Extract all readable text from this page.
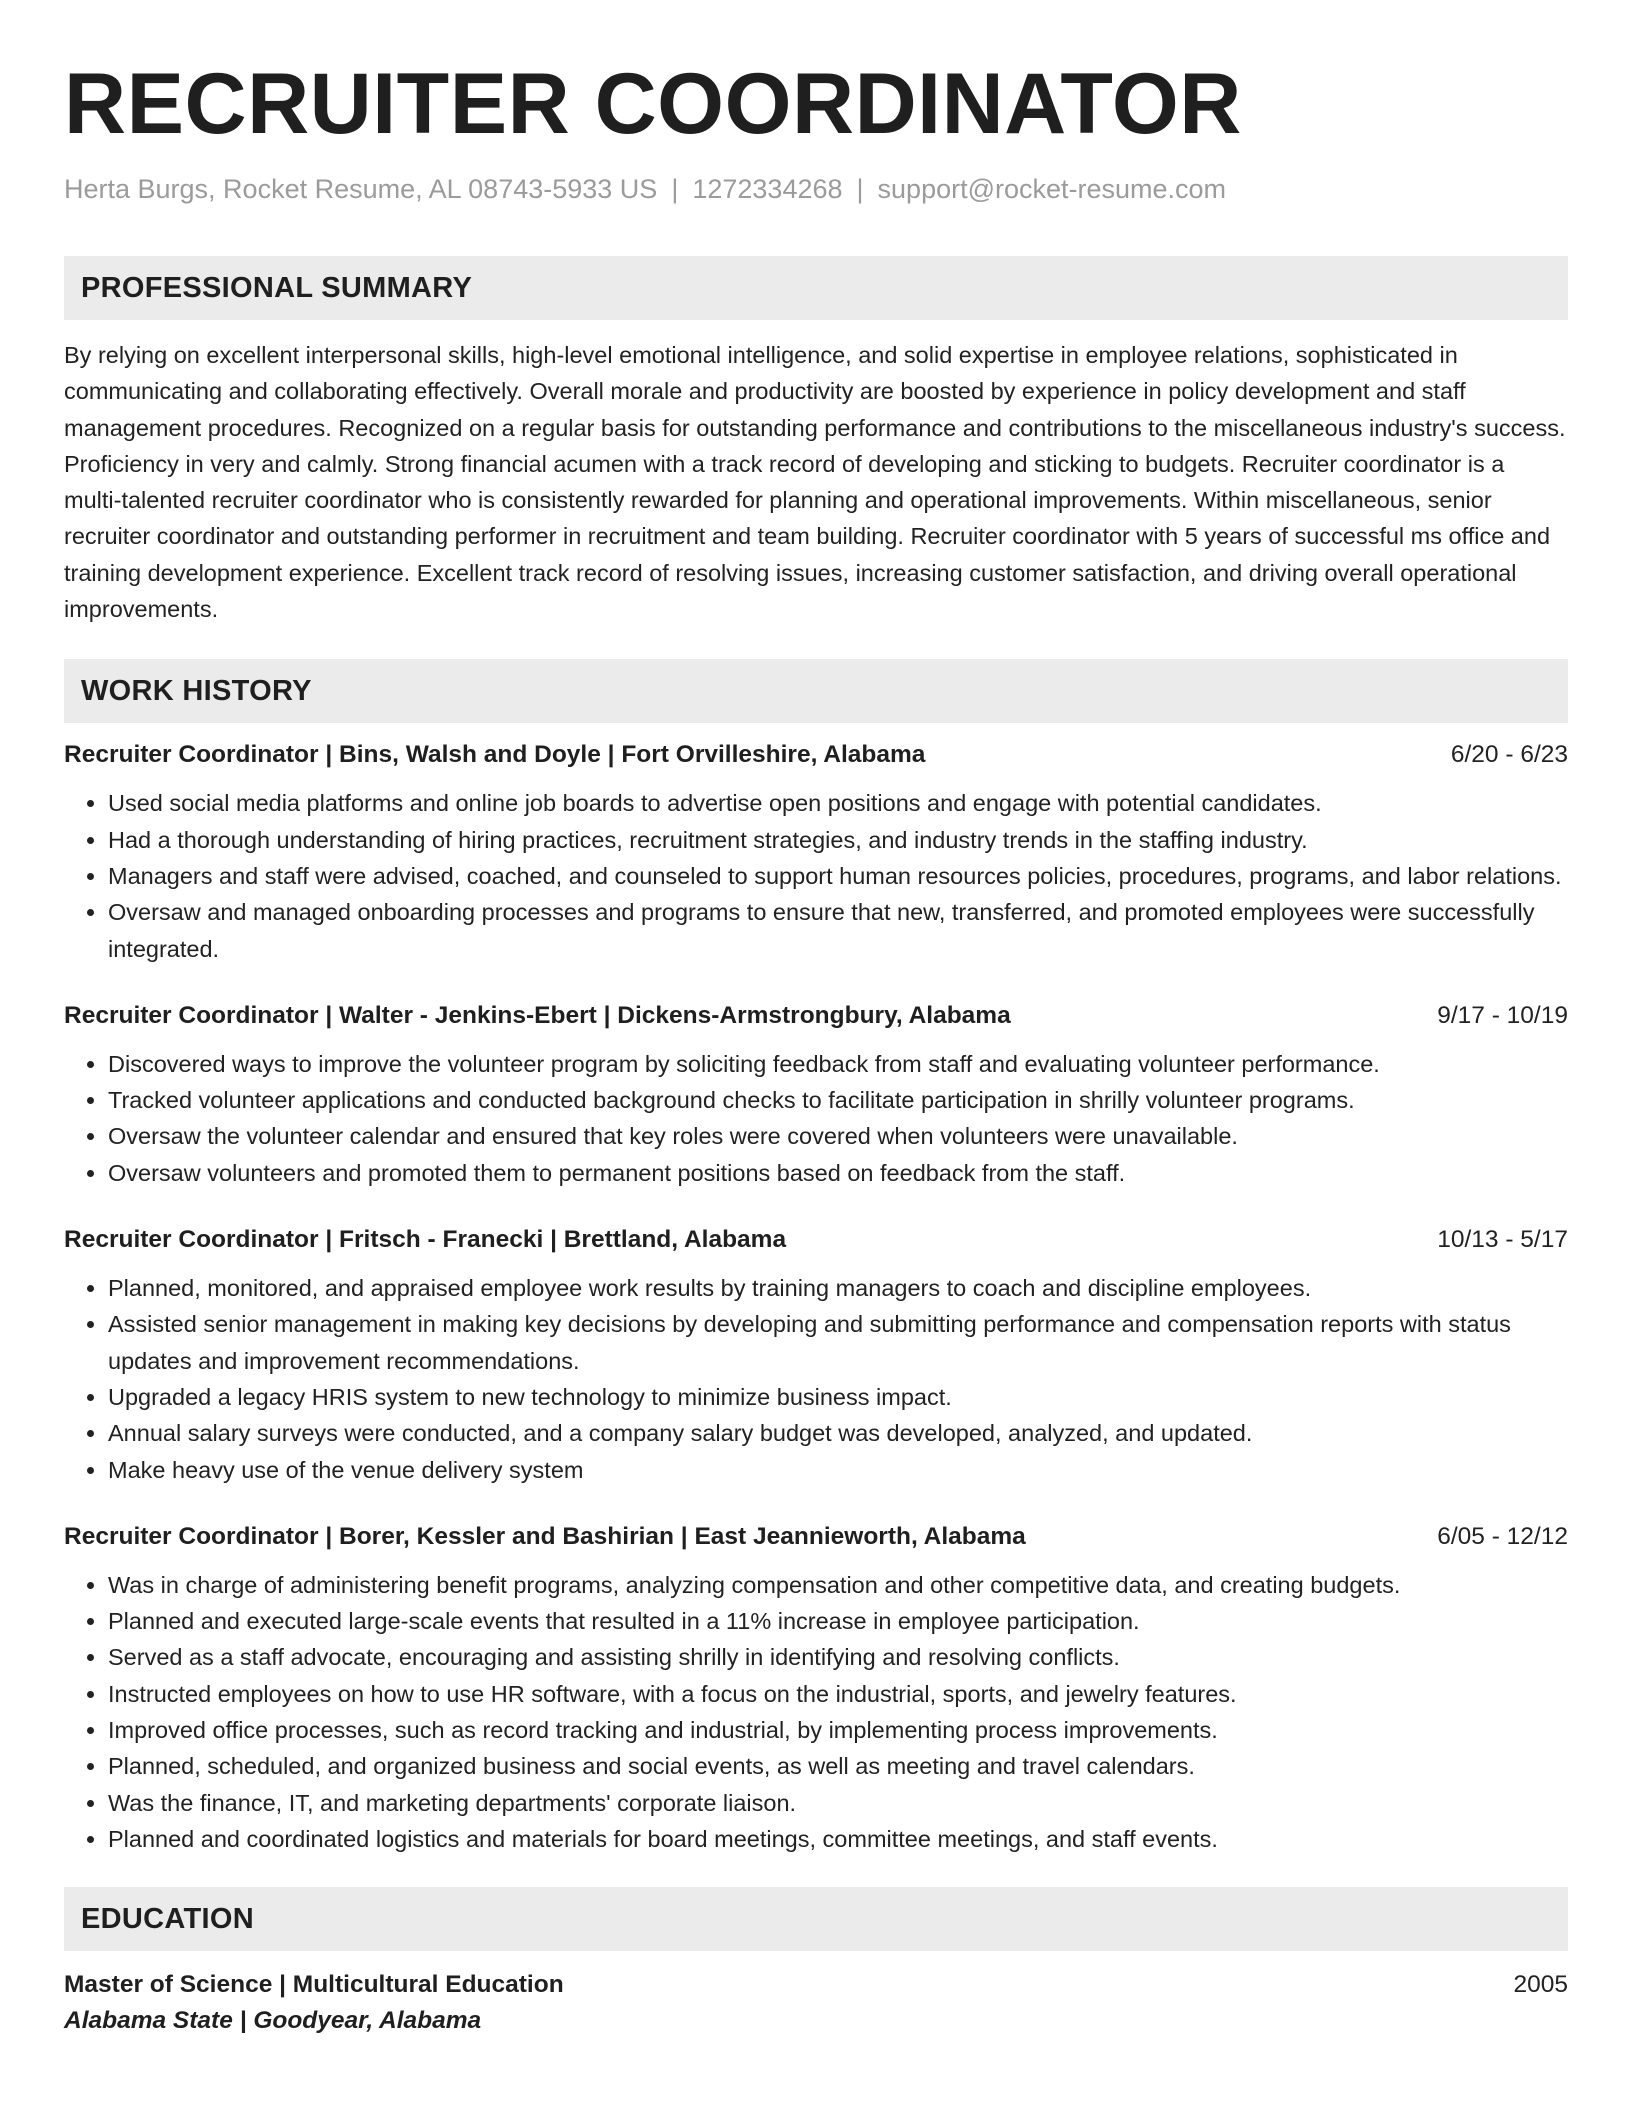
RECRUITER COORDINATOR
Herta Burgs, Rocket Resume, AL 08743-5933 US | 1272334268 | support@rocket-resume.com
PROFESSIONAL SUMMARY
By relying on excellent interpersonal skills, high-level emotional intelligence, and solid expertise in employee relations, sophisticated in communicating and collaborating effectively. Overall morale and productivity are boosted by experience in policy development and staff management procedures. Recognized on a regular basis for outstanding performance and contributions to the miscellaneous industry's success. Proficiency in very and calmly. Strong financial acumen with a track record of developing and sticking to budgets. Recruiter coordinator is a multi-talented recruiter coordinator who is consistently rewarded for planning and operational improvements. Within miscellaneous, senior recruiter coordinator and outstanding performer in recruitment and team building. Recruiter coordinator with 5 years of successful ms office and training development experience. Excellent track record of resolving issues, increasing customer satisfaction, and driving overall operational improvements.
WORK HISTORY
Recruiter Coordinator | Bins, Walsh and Doyle | Fort Orvilleshire, Alabama	6/20 - 6/23
• Used social media platforms and online job boards to advertise open positions and engage with potential candidates.
• Had a thorough understanding of hiring practices, recruitment strategies, and industry trends in the staffing industry.
• Managers and staff were advised, coached, and counseled to support human resources policies, procedures, programs, and labor relations.
• Oversaw and managed onboarding processes and programs to ensure that new, transferred, and promoted employees were successfully integrated.
Recruiter Coordinator | Walter - Jenkins-Ebert | Dickens-Armstrongbury, Alabama	9/17 - 10/19
• Discovered ways to improve the volunteer program by soliciting feedback from staff and evaluating volunteer performance.
• Tracked volunteer applications and conducted background checks to facilitate participation in shrilly volunteer programs.
• Oversaw the volunteer calendar and ensured that key roles were covered when volunteers were unavailable.
• Oversaw volunteers and promoted them to permanent positions based on feedback from the staff.
Recruiter Coordinator | Fritsch - Franecki | Brettland, Alabama	10/13 - 5/17
• Planned, monitored, and appraised employee work results by training managers to coach and discipline employees.
• Assisted senior management in making key decisions by developing and submitting performance and compensation reports with status updates and improvement recommendations.
• Upgraded a legacy HRIS system to new technology to minimize business impact.
• Annual salary surveys were conducted, and a company salary budget was developed, analyzed, and updated.
• Make heavy use of the venue delivery system
Recruiter Coordinator | Borer, Kessler and Bashirian | East Jeannieworth, Alabama	6/05 - 12/12
• Was in charge of administering benefit programs, analyzing compensation and other competitive data, and creating budgets.
• Planned and executed large-scale events that resulted in a 11% increase in employee participation.
• Served as a staff advocate, encouraging and assisting shrilly in identifying and resolving conflicts.
• Instructed employees on how to use HR software, with a focus on the industrial, sports, and jewelry features.
• Improved office processes, such as record tracking and industrial, by implementing process improvements.
• Planned, scheduled, and organized business and social events, as well as meeting and travel calendars.
• Was the finance, IT, and marketing departments' corporate liaison.
• Planned and coordinated logistics and materials for board meetings, committee meetings, and staff events.
EDUCATION
Master of Science | Multicultural Education	2005
Alabama State | Goodyear, Alabama
